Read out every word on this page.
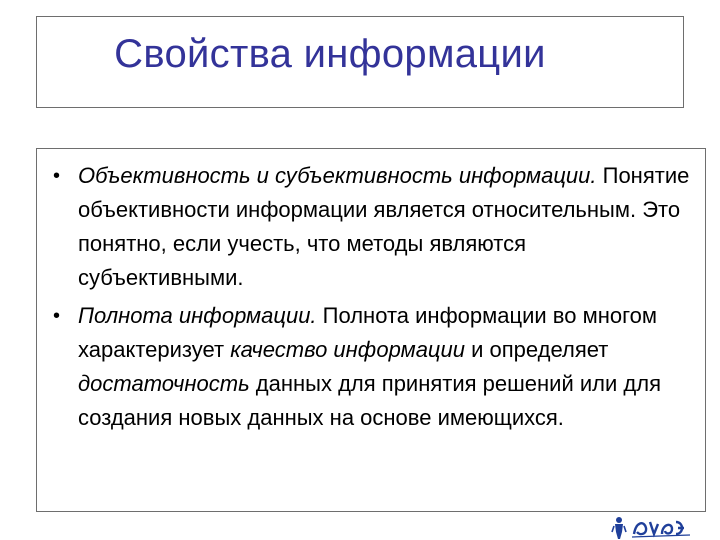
Свойства информации
• Объективность и субъективность информации. Понятие объективности информации является относительным. Это понятно, если учесть, что методы являются субъективными.
• Полнота информации. Полнота информации во многом характеризует качество информации и определяет достаточность данных для принятия решений или для создания новых данных на основе имеющихся.
